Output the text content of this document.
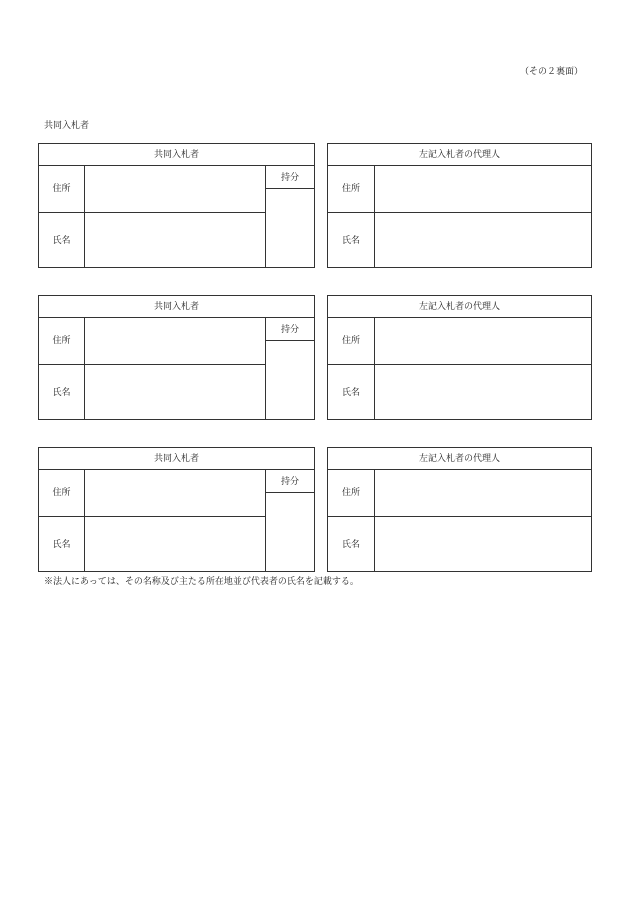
（その２裏面）
共同入札者
共同入札者
住所
氏名
持分
左記入札者の代理人
住所
氏名
共同入札者
住所
氏名
持分
左記入札者の代理人
住所
氏名
共同入札者
住所
氏名
持分
左記入札者の代理人
住所
氏名
※法人にあっては、その名称及び主たる所在地並び代表者の氏名を記載する。
